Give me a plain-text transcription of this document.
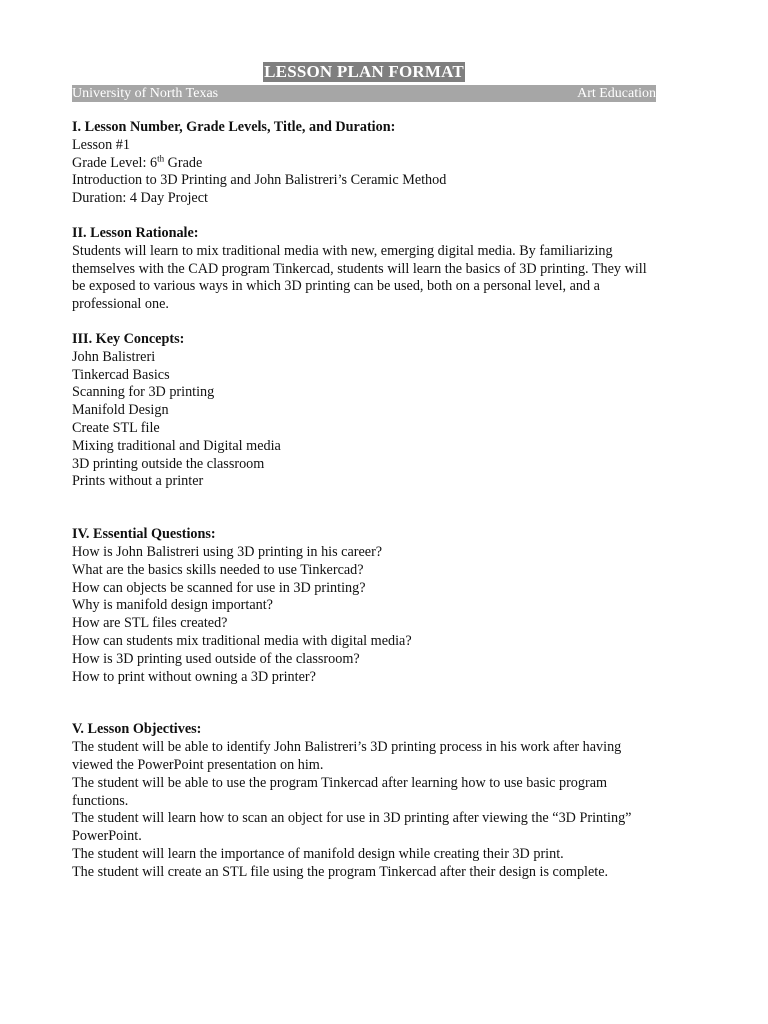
LESSON PLAN FORMAT
University of North Texas	Art Education
I. Lesson Number, Grade Levels, Title, and Duration:
Lesson #1
Grade Level: 6th Grade
Introduction to 3D Printing and John Balistreri’s Ceramic Method
Duration: 4 Day Project
II. Lesson Rationale:
Students will learn to mix traditional media with new, emerging digital media. By familiarizing
themselves with the CAD program Tinkercad, students will learn the basics of 3D printing. They will
be exposed to various ways in which 3D printing can be used, both on a personal level, and a
professional one.
III. Key Concepts:
John Balistreri
Tinkercad Basics
Scanning for 3D printing
Manifold Design
Create STL file
Mixing traditional and Digital media
3D printing outside the classroom
Prints without a printer
IV. Essential Questions:
How is John Balistreri using 3D printing in his career?
What are the basics skills needed to use Tinkercad?
How can objects be scanned for use in 3D printing?
Why is manifold design important?
How are STL files created?
How can students mix traditional media with digital media?
How is 3D printing used outside of the classroom?
How to print without owning a 3D printer?
V. Lesson Objectives:
The student will be able to identify John Balistreri’s 3D printing process in his work after having
viewed the PowerPoint presentation on him.
The student will be able to use the program Tinkercad after learning how to use basic program
functions.
The student will learn how to scan an object for use in 3D printing after viewing the “3D Printing”
PowerPoint.
The student will learn the importance of manifold design while creating their 3D print.
The student will create an STL file using the program Tinkercad after their design is complete.
